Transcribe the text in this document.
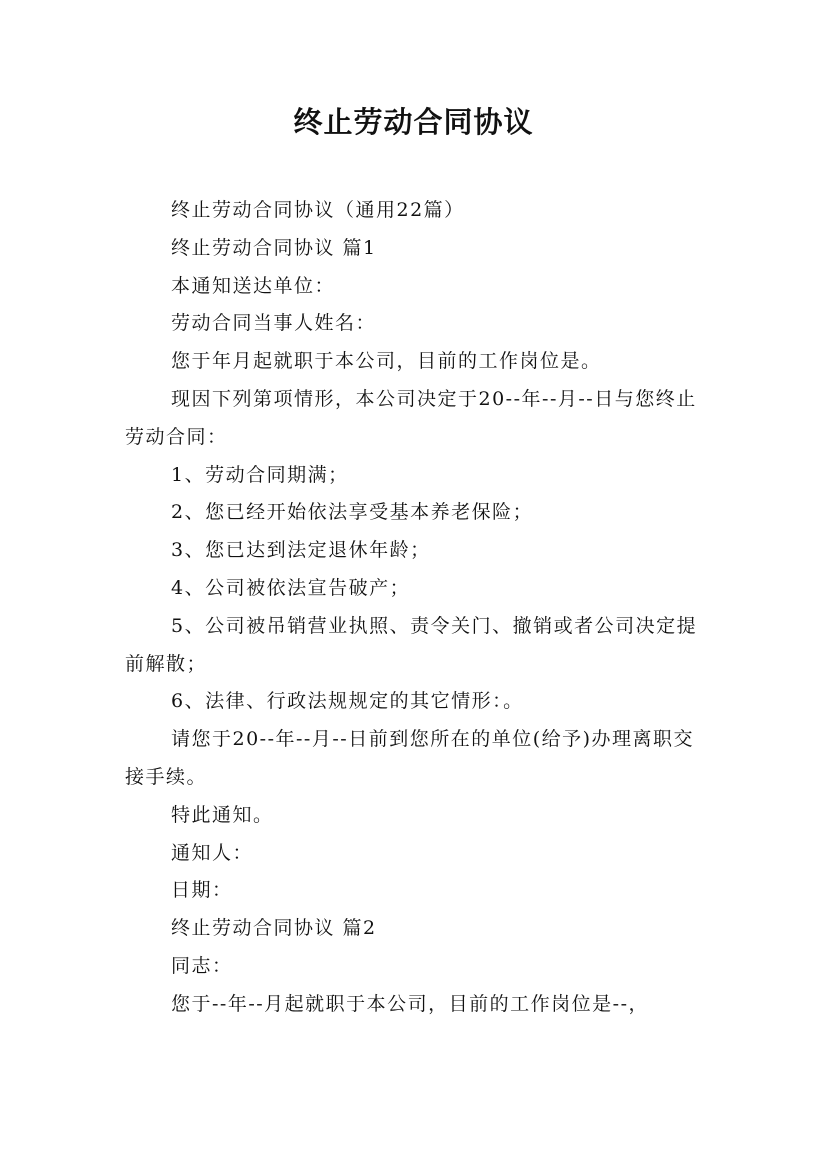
终止劳动合同协议

终止劳动合同协议（通用22篇）

终止劳动合同协议 篇1

本通知送达单位：

劳动合同当事人姓名：

您于年月起就职于本公司，目前的工作岗位是。

现因下列第项情形，本公司决定于20--年--月--日与您终止劳动合同：

1、劳动合同期满；

2、您已经开始依法享受基本养老保险；

3、您已达到法定退休年龄；

4、公司被依法宣告破产；

5、公司被吊销营业执照、责令关门、撤销或者公司决定提前解散；

6、法律、行政法规规定的其它情形：。

请您于20--年--月--日前到您所在的单位(给予)办理离职交接手续。

特此通知。

通知人：

日期：

终止劳动合同协议 篇2

同志：

您于--年--月起就职于本公司，目前的工作岗位是--，
